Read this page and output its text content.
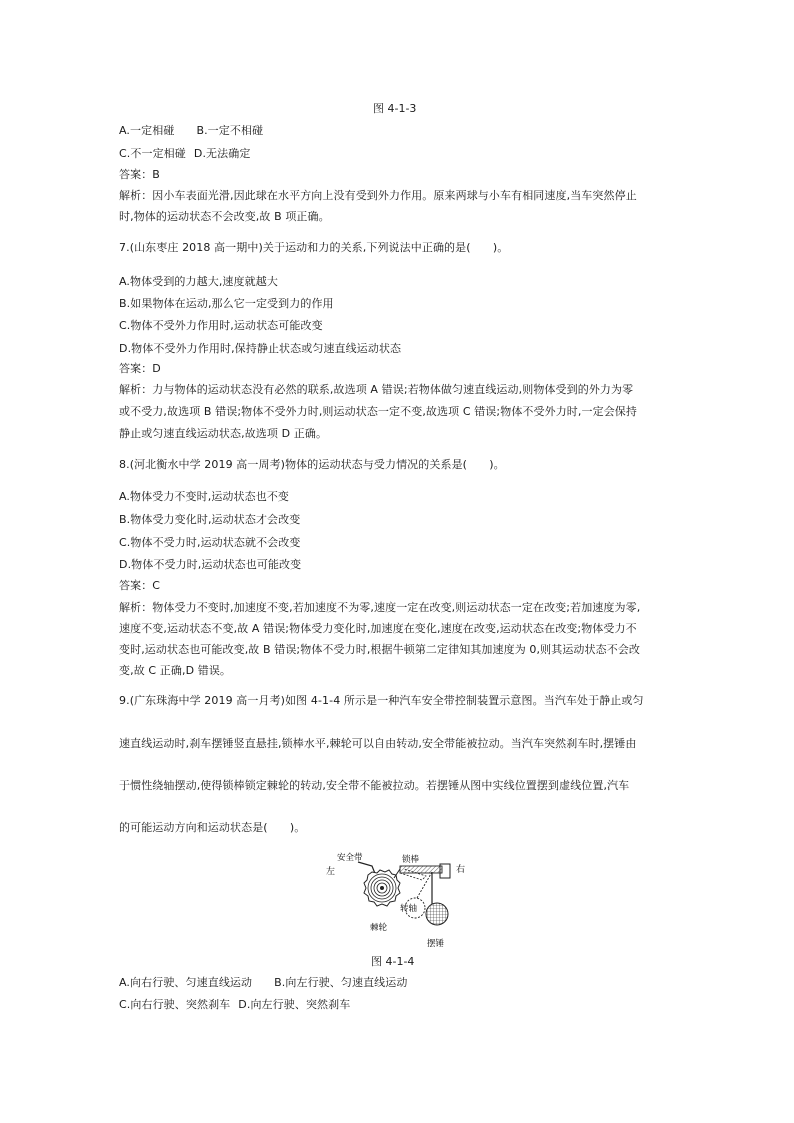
图 4-1-3
A.一定相碰 B.一定不相碰
C.不一定相碰 D.无法确定
答案：B
解析：因小车表面光滑,因此球在水平方向上没有受到外力作用。原来两球与小车有相同速度,当车突然停止
时,物体的运动状态不会改变,故 B 项正确。
7.(山东枣庄 2018 高一期中)关于运动和力的关系,下列说法中正确的是(　　)。
A.物体受到的力越大,速度就越大
B.如果物体在运动,那么它一定受到力的作用
C.物体不受外力作用时,运动状态可能改变
D.物体不受外力作用时,保持静止状态或匀速直线运动状态
答案：D
解析：力与物体的运动状态没有必然的联系,故选项 A 错误;若物体做匀速直线运动,则物体受到的外力为零
或不受力,故选项 B 错误;物体不受外力时,则运动状态一定不变,故选项 C 错误;物体不受外力时,一定会保持
静止或匀速直线运动状态,故选项 D 正确。
8.(河北衡水中学 2019 高一周考)物体的运动状态与受力情况的关系是(　　)。
A.物体受力不变时,运动状态也不变
B.物体受力变化时,运动状态才会改变
C.物体不受力时,运动状态就不会改变
D.物体不受力时,运动状态也可能改变
答案：C
解析：物体受力不变时,加速度不变,若加速度不为零,速度一定在改变,则运动状态一定在改变;若加速度为零,
速度不变,运动状态不变,故 A 错误;物体受力变化时,加速度在变化,速度在改变,运动状态在改变;物体受力不
变时,运动状态也可能改变,故 B 错误;物体不受力时,根据牛顿第二定律知其加速度为 0,则其运动状态不会改
变,故 C 正确,D 错误。
9.(广东珠海中学 2019 高一月考)如图 4-1-4 所示是一种汽车安全带控制装置示意图。当汽车处于静止或匀
速直线运动时,刹车摆锤竖直悬挂,锁棒水平,棘轮可以自由转动,安全带能被拉动。当汽车突然刹车时,摆锤由
于惯性绕轴摆动,使得锁棒锁定棘轮的转动,安全带不能被拉动。若摆锤从图中实线位置摆到虚线位置,汽车
的可能运动方向和运动状态是(　　)。
左	右
安全带	锁棒
转轴
棘轮
摆锤
图 4-1-4
A.向右行驶、匀速直线运动 B.向左行驶、匀速直线运动
C.向右行驶、突然刹车 D.向左行驶、突然刹车
